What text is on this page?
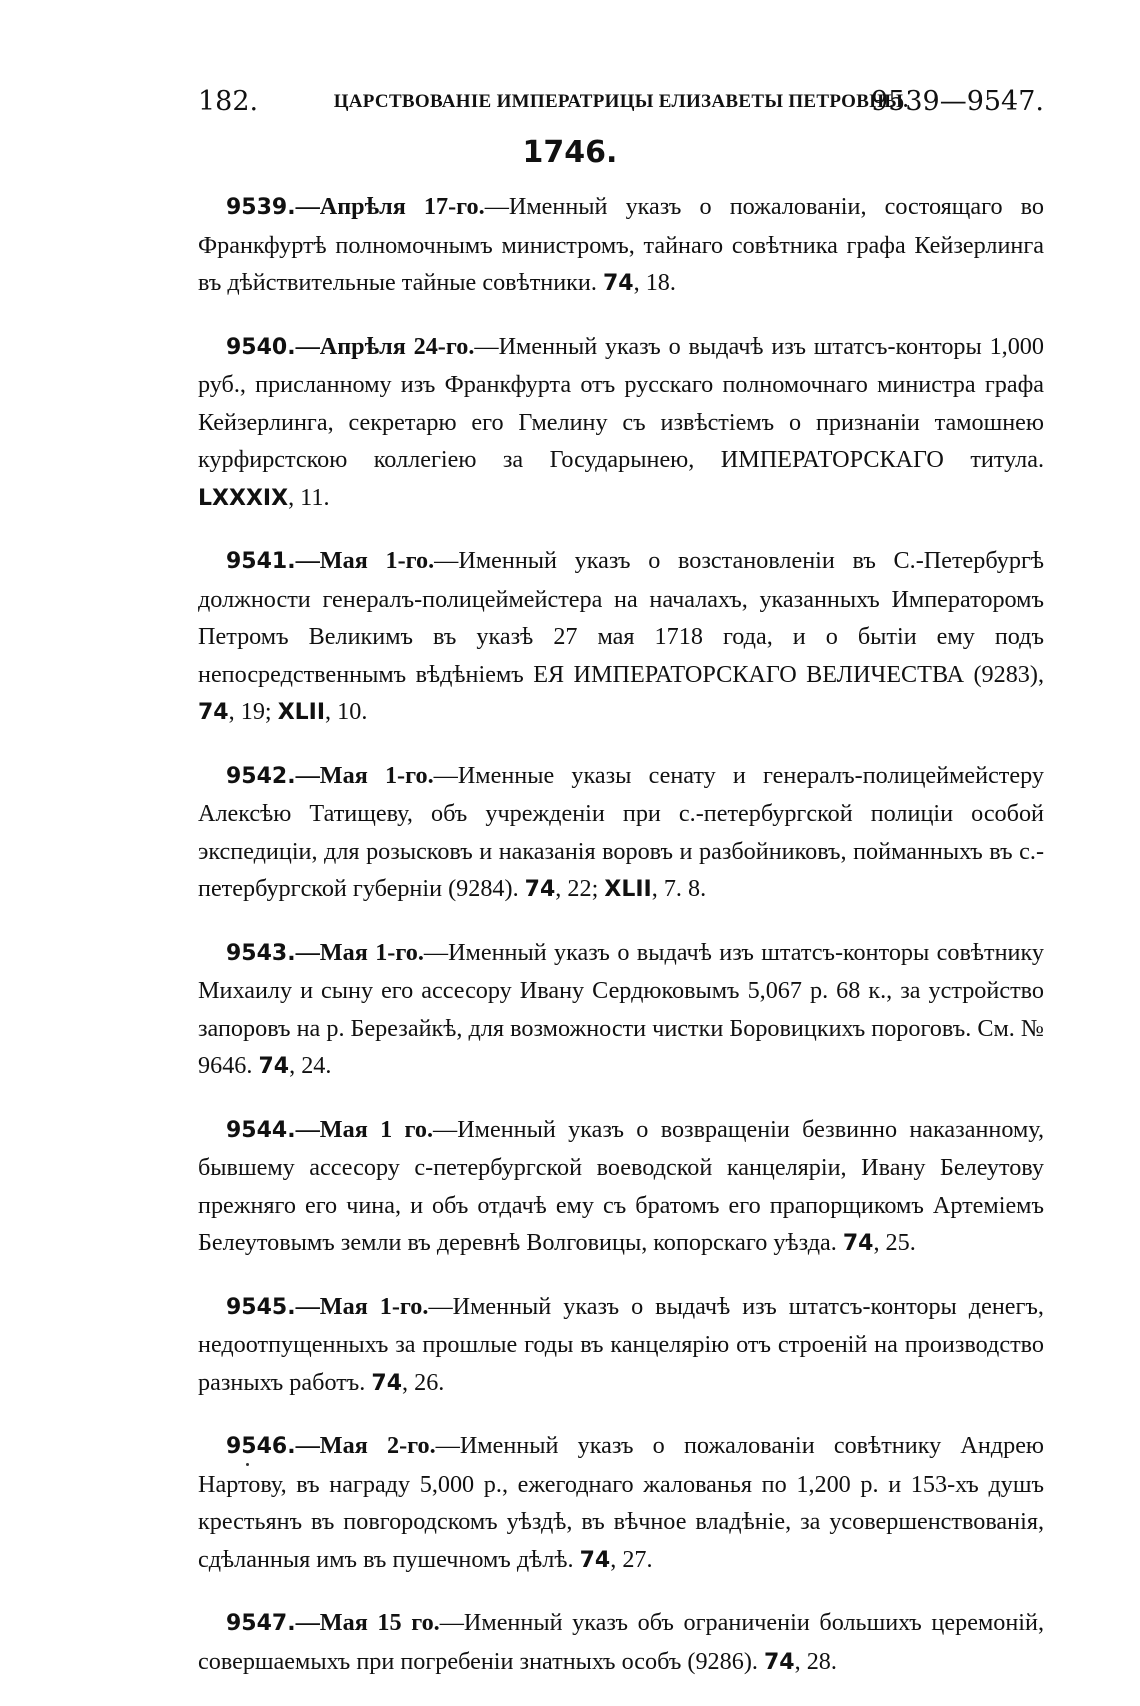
182.	ЦАРСТВОВАНІЕ ИМПЕРАТРИЦЫ ЕЛИЗАВЕТЫ ПЕТРОВНЫ.
9539—9547.
1746.

9539.—Апрѣля 17-го.—Именный указъ о пожалованіи, состоящаго во Франкфуртѣ полномочнымъ министромъ, тайнаго совѣтника графа Кейзерлинга въ дѣйствительные тайные совѣтники. 74, 18.

9540.—Апрѣля 24-го.—Именный указъ о выдачѣ изъ штатсъ-конторы 1,000 руб., присланному изъ Франкфурта отъ русскаго полномочнаго министра графа Кейзерлинга, секретарю его Гмелину съ извѣстіемъ о признаніи тамошнею курфирстскою коллегіею за Государынею, ИМПЕРАТОРСКАГО титула. LXXXIX, 11.

9541.—Мая 1-го.—Именный указъ о возстановленіи въ С.-Петербургѣ должности генералъ-полицеймейстера на началахъ, указанныхъ Императоромъ Петромъ Великимъ въ указѣ 27 мая 1718 года, и о бытіи ему подъ непосредственнымъ вѣдѣніемъ ЕЯ ИМПЕРАТОРСКАГО ВЕЛИЧЕСТВА (9283), 74, 19; XLII, 10.

9542.—Мая 1-го.—Именные указы сенату и генералъ-полицеймейстеру Алексѣю Татищеву, объ учрежденіи при с.-петербургской полиціи особой экспедиціи, для розысковъ и наказанія воровъ и разбойниковъ, пойманныхъ въ с.-петербургской губерніи (9284). 74, 22; XLII, 7. 8.

9543.—Мая 1-го.—Именный указъ о выдачѣ изъ штатсъ-конторы совѣтнику Михаилу и сыну его ассесору Ивану Сердюковымъ 5,067 р. 68 к., за устройство запоровъ на р. Березайкѣ, для возможности чистки Боровицкихъ пороговъ. См. № 9646. 74, 24.

9544.—Мая 1 го.—Именный указъ о возвращеніи безвинно наказанному, бывшему ассесору с-петербургской воеводской канцеляріи, Ивану Белеутову прежняго его чина, и объ отдачѣ ему съ братомъ его прапорщикомъ Артеміемъ Белеутовымъ земли въ деревнѣ Волговицы, копорскаго уѣзда. 74, 25.

9545.—Мая 1-го.—Именный указъ о выдачѣ изъ штатсъ-конторы денегъ, недоотпущенныхъ за прошлые годы въ канцелярію отъ строеній на производство разныхъ работъ. 74, 26.

9546.—Мая 2-го.—Именный указъ о пожалованіи совѣтнику Андрею Нартову, въ награду 5,000 р., ежегоднаго жалованья по 1,200 р. и 153-хъ душъ крестьянъ въ повгородскомъ уѣздѣ, въ вѣчное владѣніе, за усовершенствованія, сдѣланныя имъ въ пушечномъ дѣлѣ. 74, 27.

9547.—Мая 15 го.—Именный указъ объ ограниченіи большихъ церемоній, совершаемыхъ при погребеніи знатныхъ особъ (9286). 74, 28.
